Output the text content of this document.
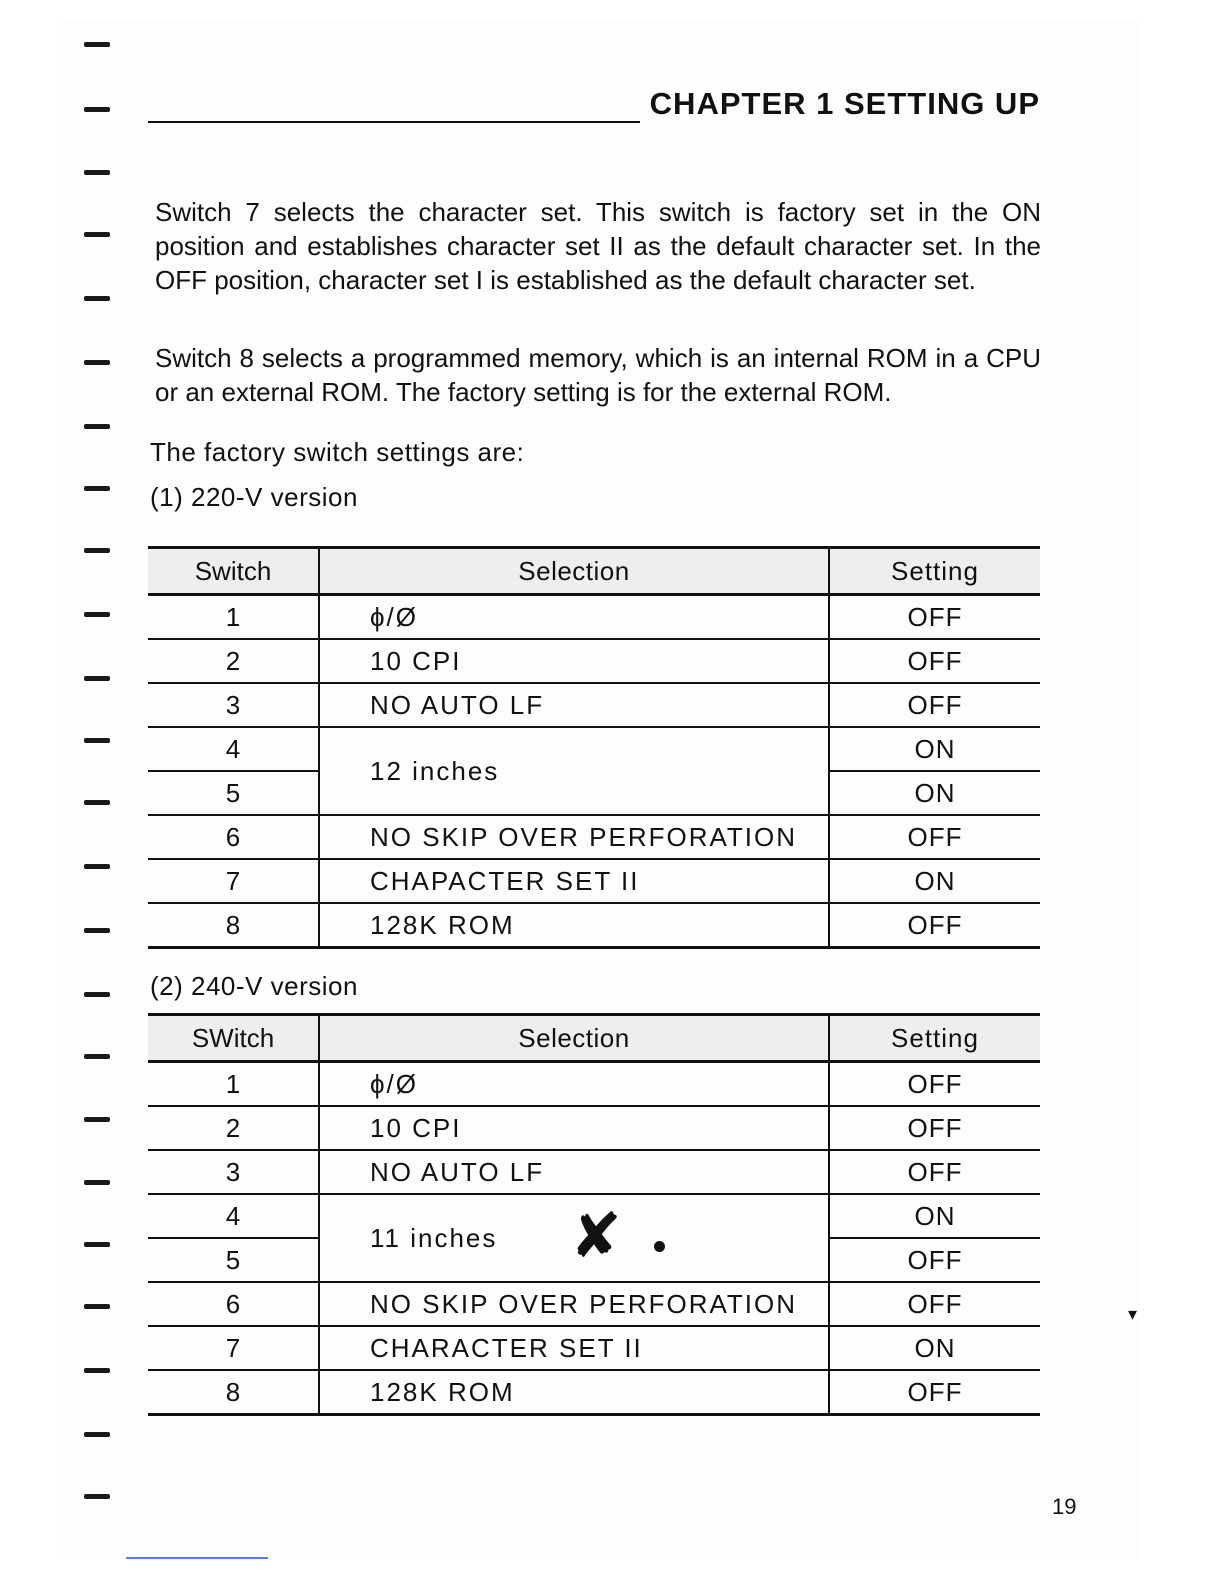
CHAPTER 1 SETTING UP

Switch 7 selects the character set. This switch is factory set in the ON position and establishes character set II as the default character set. In the OFF position, character set I is established as the default character set.

Switch 8 selects a programmed memory, which is an internal ROM in a CPU or an external ROM. The factory setting is for the external ROM.

The factory switch settings are:

(1) 220-V version

Switch	Selection	Setting
1	ϕ/Ø	OFF
2	10 CPI	OFF
3	NO AUTO LF	OFF
4	12 inches	ON
5		ON
6	NO SKIP OVER PERFORATION	OFF
7	CHAPACTER SET II	ON
8	128K ROM	OFF

(2) 240-V version

SWitch	Selection	Setting
1	ϕ/Ø	OFF
2	10 CPI	OFF
3	NO AUTO LF	OFF
4	11 inches ✘	ON
5		OFF
6	NO SKIP OVER PERFORATION	OFF
7	CHARACTER SET II	ON
8	128K ROM	OFF
▾
19
